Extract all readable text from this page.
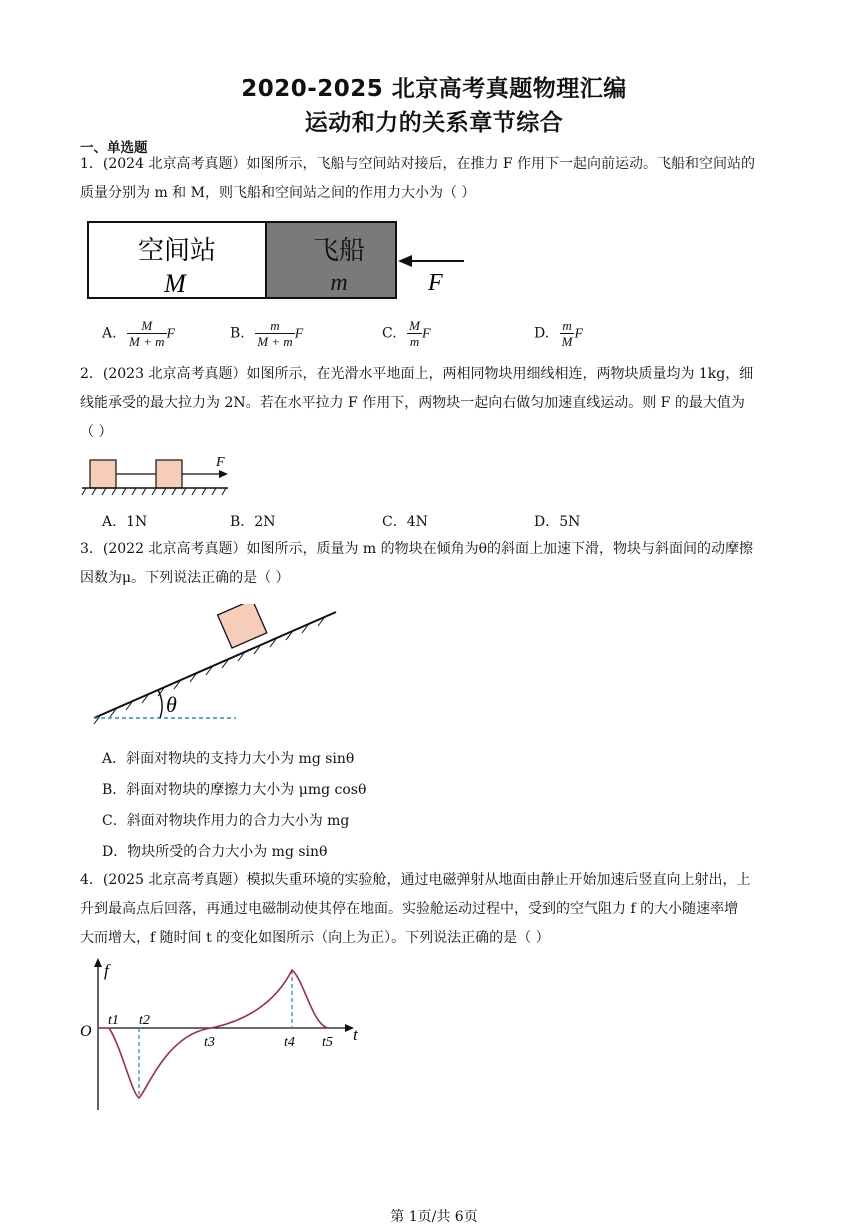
2020-2025 北京高考真题物理汇编
运动和力的关系章节综合
一、单选题
1．(2024 北京高考真题）如图所示，飞船与空间站对接后，在推力 F 作用下一起向前运动。飞船和空间站的
质量分别为 m 和 M，则飞船和空间站之间的作用力大小为（ ）
空间站
M
飞船
m	F
A. $\frac{M}{M + m}$ F	B. $\frac{m}{M + m}$ F	C. $\frac{M}{m}$ F	D. $\frac{m}{M}$ F
2．(2023 北京高考真题）如图所示，在光滑水平地面上，两相同物块用细线相连，两物块质量均为 1kg，细
线能承受的最大拉力为 2N。若在水平拉力 F 作用下，两物块一起向右做匀加速直线运动。则 F 的最大值为
（ ）
F
A．1N	B．2N	C．4N	D．5N
3．(2022 北京高考真题）如图所示，质量为 m 的物块在倾角为θ的斜面上加速下滑，物块与斜面间的动摩擦
因数为μ。下列说法正确的是（ ）
θ
A．斜面对物块的支持力大小为 mg sinθ
B．斜面对物块的摩擦力大小为 μmg cosθ
C．斜面对物块作用力的合力大小为 mg
D．物块所受的合力大小为 mg sinθ
4．(2025 北京高考真题）模拟失重环境的实验舱，通过电磁弹射从地面由静止开始加速后竖直向上射出，上
升到最高点后回落，再通过电磁制动使其停在地面。实验舱运动过程中，受到的空气阻力 f 的大小随速率增
大而增大，f 随时间 t 的变化如图所示（向上为正）。下列说法正确的是（ ）
f
t
O
t1 t2
t3	t4 t5
第 1页/共 6页
